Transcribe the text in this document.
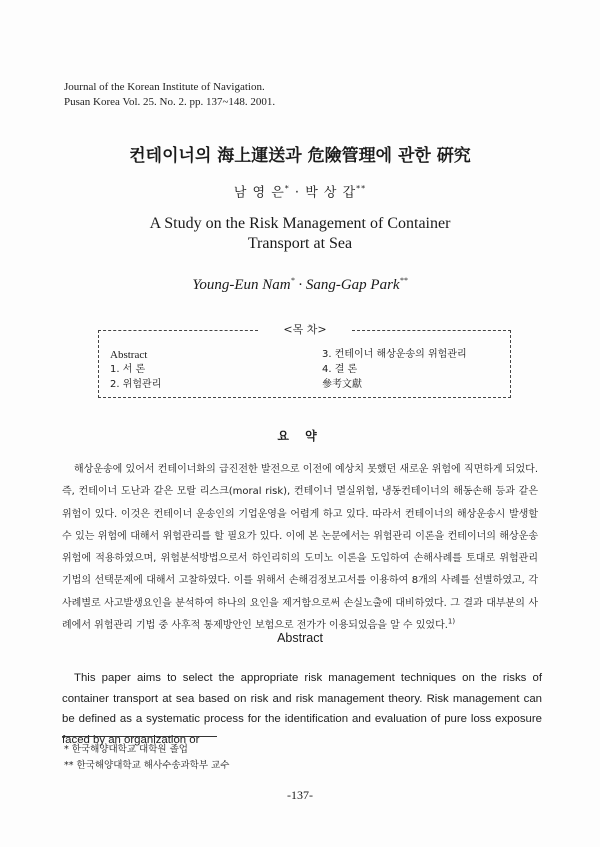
Journal of the Korean Institute of Navigation.
Pusan Korea Vol. 25. No. 2. pp. 137~148. 2001.
컨테이너의 海上運送과 危險管理에 관한 硏究
남 영 은* · 박 상 갑**
A Study on the Risk Management of Container
Transport at Sea
Young-Eun Nam* · Sang-Gap Park**
<목 차>
Abstract
1. 서 론
2. 위험관리
3. 컨테이너 해상운송의 위험관리
4. 결 론
參考文獻
요 약
해상운송에 있어서 컨테이너화의 급진전한 발전으로 이전에 예상치 못했던 새로운 위험에 직면하게 되었다. 즉, 컨테이너 도난과 같은 모랄 리스크(moral risk), 컨테이너 멸실위험, 냉동컨테이너의 해동손해 등과 같은 위험이 있다. 이것은 컨테이너 운송인의 기업운영을 어렵게 하고 있다. 따라서 컨테이너의 해상운송시 발생할 수 있는 위험에 대해서 위험관리를 할 필요가 있다. 이에 본 논문에서는 위험관리 이론을 컨테이너의 해상운송위험에 적용하였으며, 위험분석방법으로서 하인리히의 도미노 이론을 도입하여 손해사례를 토대로 위험관리 기법의 선택문제에 대해서 고찰하였다. 이를 위해서 손해검정보고서를 이용하여 8개의 사례를 선별하였고, 각 사례별로 사고발생요인을 분석하여 하나의 요인을 제거함으로써 손실노출에 대비하였다. 그 결과 대부분의 사례에서 위험관리 기법 중 사후적 통제방안인 보험으로 전가가 이용되었음을 알 수 있었다.$^{1)}$
Abstract
This paper aims to select the appropriate risk management techniques on the risks of container transport at sea based on risk and risk management theory. Risk management can be defined as a systematic process for the identification and evaluation of pure loss exposure faced by an organization or
* 한국해양대학교 대학원 졸업
** 한국해양대학교 해사수송과학부 교수
-137-
